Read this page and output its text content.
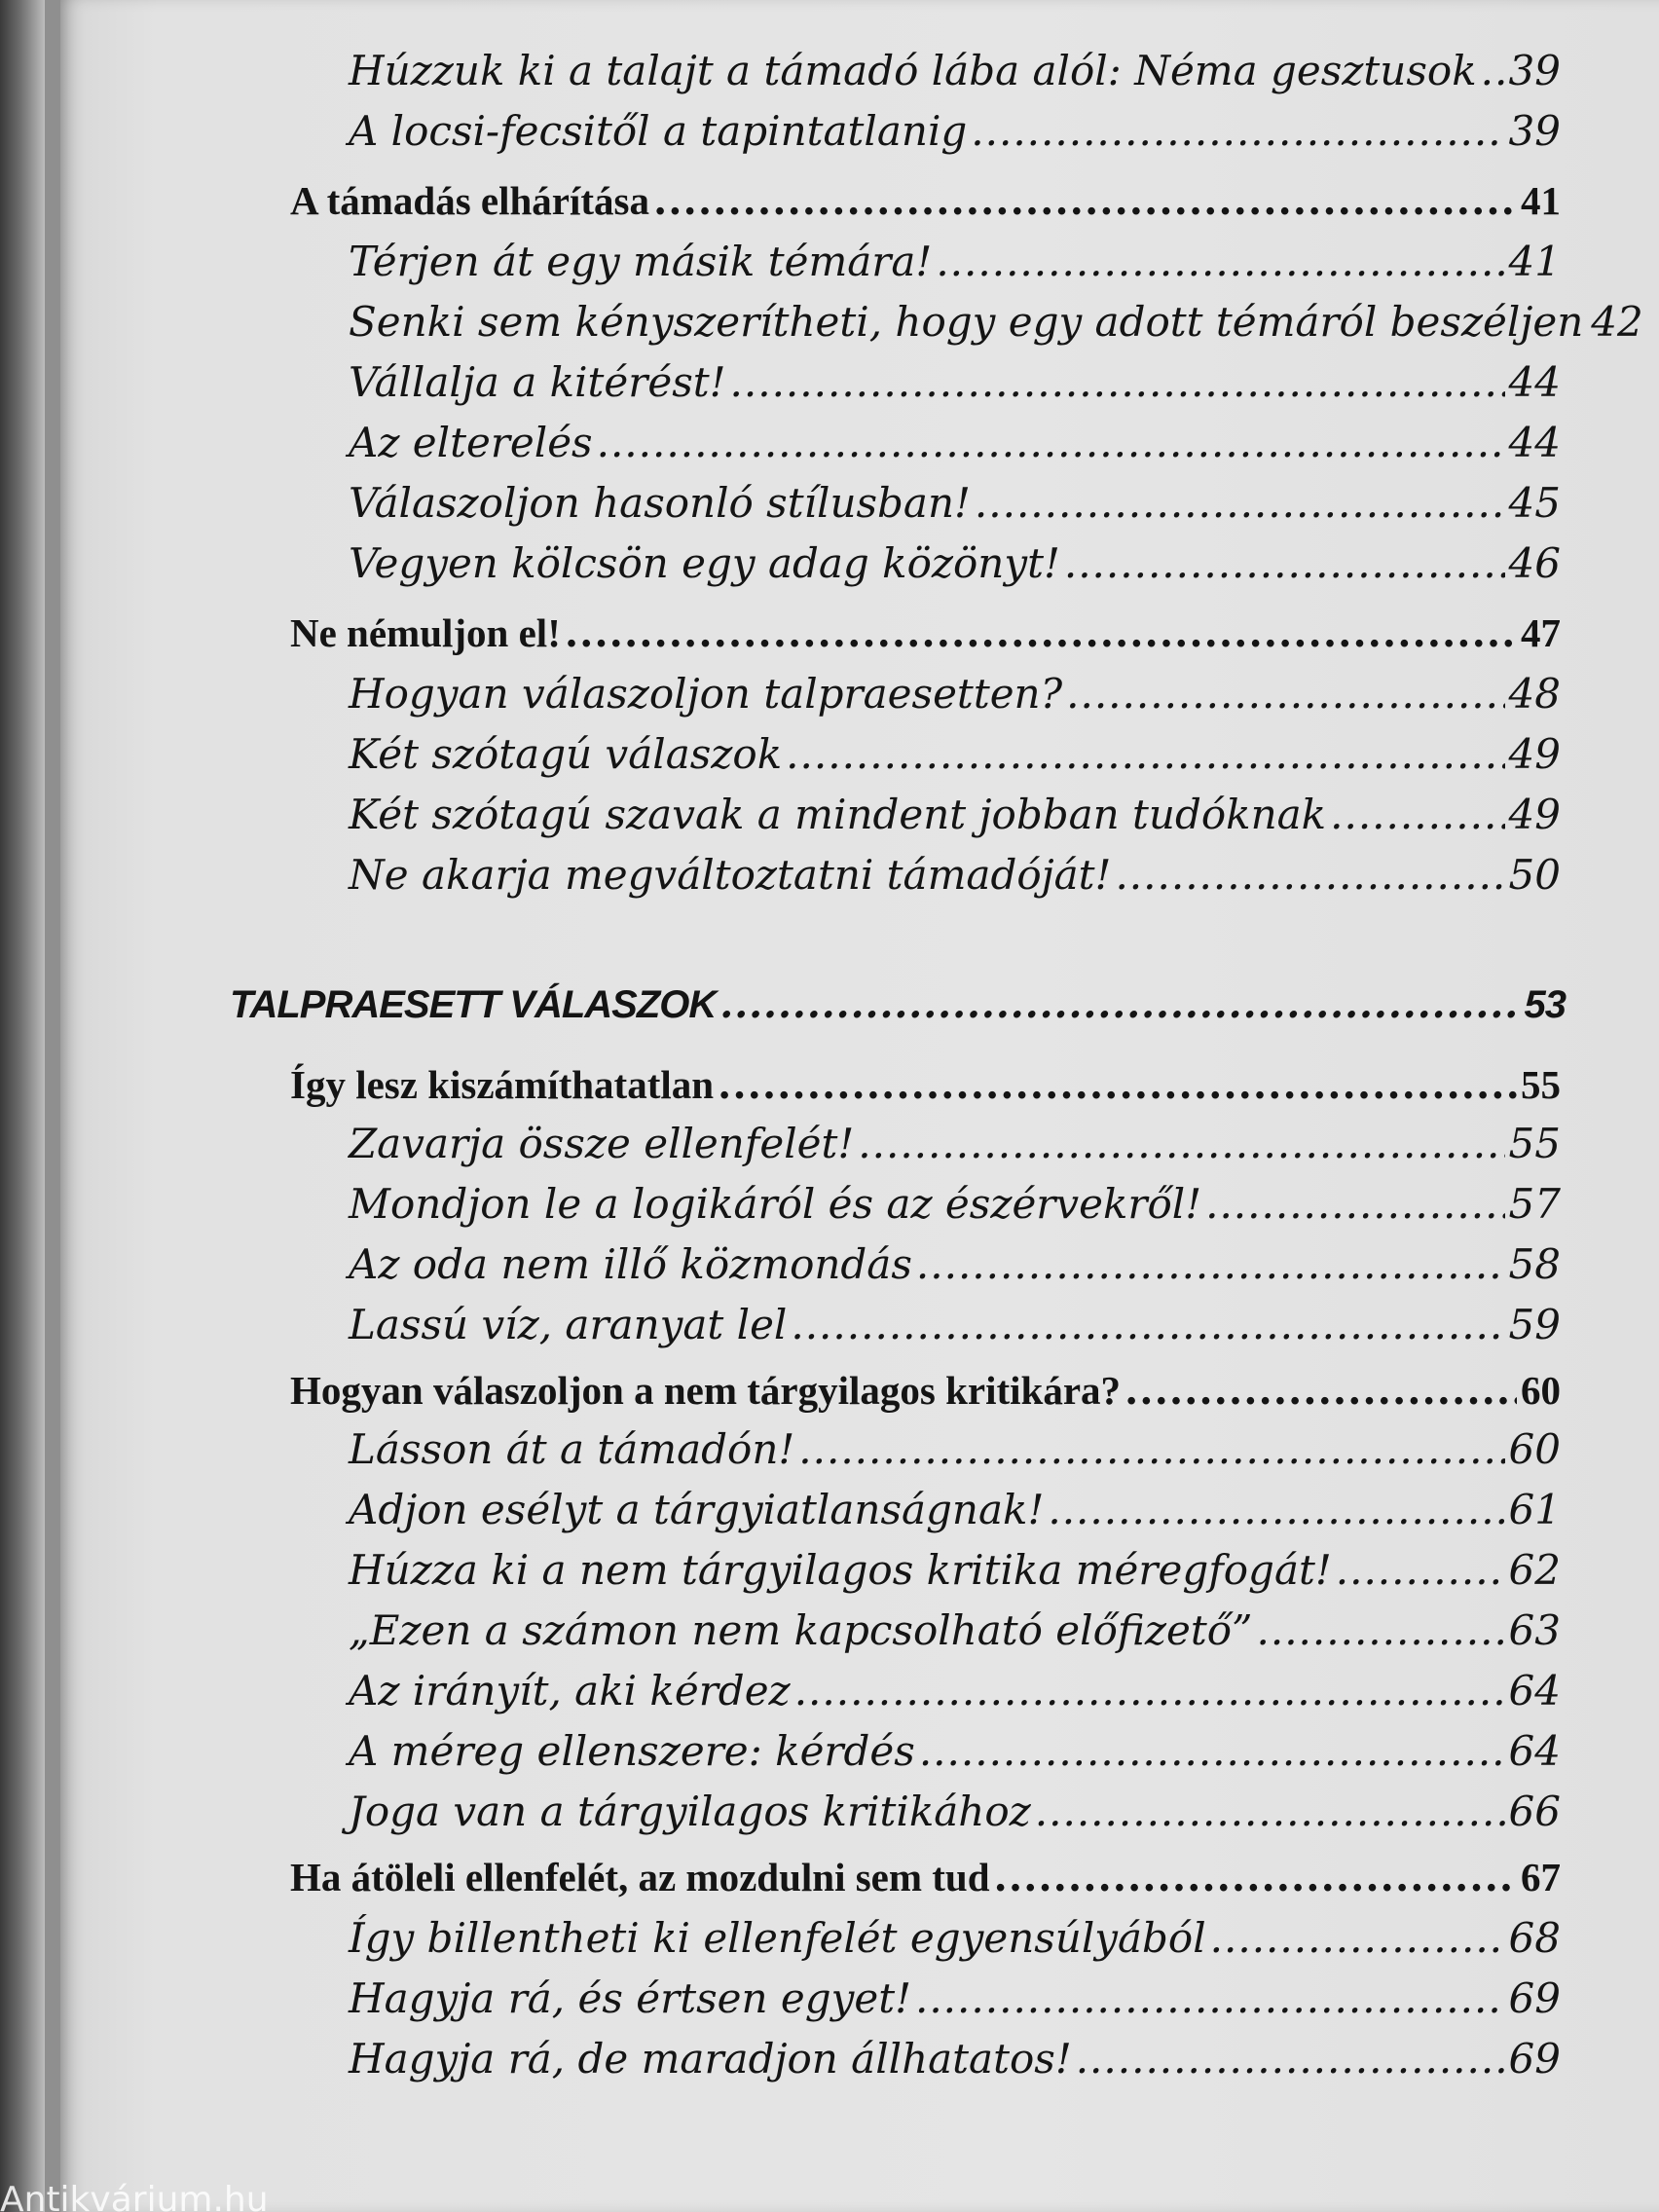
Húzzuk ki a talajt a támadó lába alól: Néma gesztusok ..... 39
A locsi-fecsitől a tapintatlanig .....	39
A támadás elhárítása .....	41
Térjen át egy másik témára! .....	41
Senki sem kényszerítheti, hogy egy adott témáról beszéljen 42
Vállalja a kitérést! .....	44
Az elterelés .....	44
Válaszoljon hasonló stílusban! .....	45
Vegyen kölcsön egy adag közönyt! .....	46
Ne némuljon el! .....	47
Hogyan válaszoljon talpraesetten? .....	48
Két szótagú válaszok .....	49
Két szótagú szavak a mindent jobban tudóknak .....	49
Ne akarja megváltoztatni támadóját! .....	50
TALPRAESETT VÁLASZOK .....	53
Így lesz kiszámíthatatlan .....	55
Zavarja össze ellenfelét! .....	55
Mondjon le a logikáról és az észérvekről! .....	57
Az oda nem illő közmondás .....	58
Lassú víz, aranyat lel .....	59
Hogyan válaszoljon a nem tárgyilagos kritikára? .....	60
Lásson át a támadón! .....	60
Adjon esélyt a tárgyiatlanságnak! .....	61
Húzza ki a nem tárgyilagos kritika méregfogát! .....	62
„Ezen a számon nem kapcsolható előfizető” .....	63
Az irányít, aki kérdez .....	64
A méreg ellenszere: kérdés .....	64
Joga van a tárgyilagos kritikához .....	66
Ha átöleli ellenfelét, az mozdulni sem tud .....	67
Így billentheti ki ellenfelét egyensúlyából .....	68
Hagyja rá, és értsen egyet! .....	69
Hagyja rá, de maradjon állhatatos! .....	69
Antikvárium.hu
